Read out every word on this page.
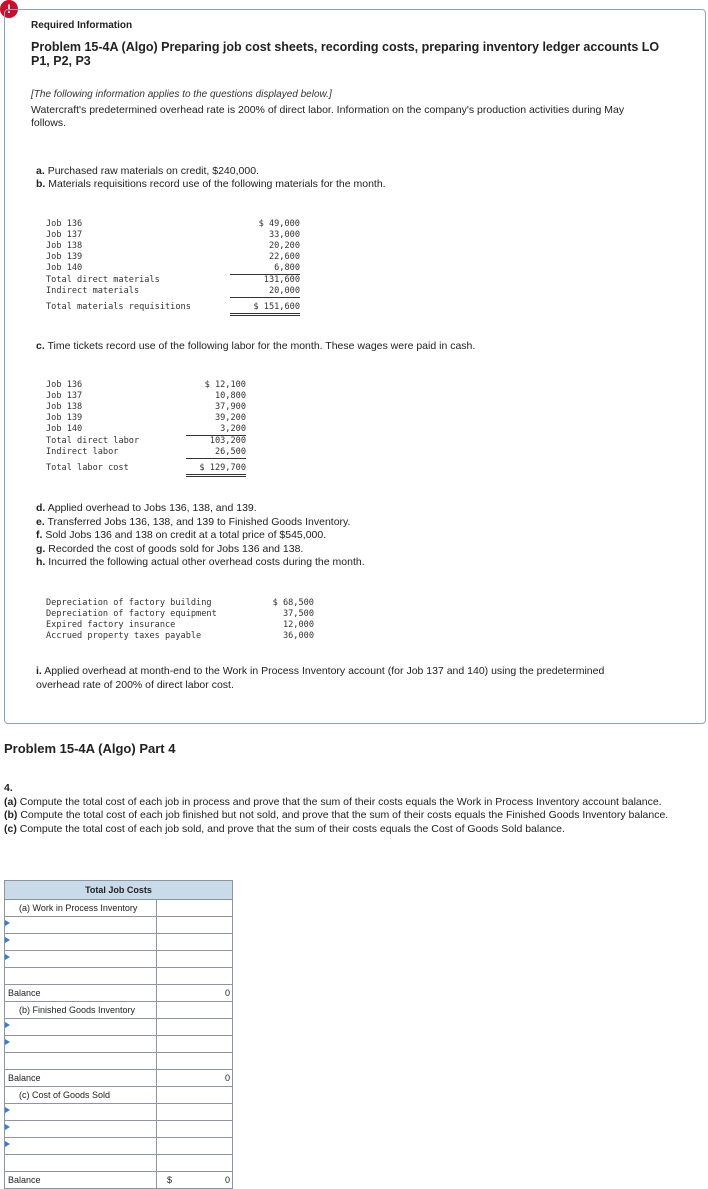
!
Required Information
Problem 15-4A (Algo) Preparing job cost sheets, recording costs, preparing inventory ledger accounts LO P1, P2, P3
[The following information applies to the questions displayed below.]
Watercraft's predetermined overhead rate is 200% of direct labor. Information on the company's production activities during May follows.
a. Purchased raw materials on credit, $240,000.
b. Materials requisitions record use of the following materials for the month.
Job 136	$ 49,000
Job 137	33,000
Job 138	20,200
Job 139	22,600
Job 140	6,800
Total direct materials	131,600
Indirect materials	20,000
Total materials requisitions	$ 151,600
c. Time tickets record use of the following labor for the month. These wages were paid in cash.
Job 136	$ 12,100
Job 137	10,800
Job 138	37,900
Job 139	39,200
Job 140	3,200
Total direct labor	103,200
Indirect labor	26,500
Total labor cost	$ 129,700
d. Applied overhead to Jobs 136, 138, and 139.
e. Transferred Jobs 136, 138, and 139 to Finished Goods Inventory.
f. Sold Jobs 136 and 138 on credit at a total price of $545,000.
g. Recorded the cost of goods sold for Jobs 136 and 138.
h. Incurred the following actual other overhead costs during the month.
Depreciation of factory building	$ 68,500
Depreciation of factory equipment	37,500
Expired factory insurance	12,000
Accrued property taxes payable	36,000
i. Applied overhead at month-end to the Work in Process Inventory account (for Job 137 and 140) using the predetermined overhead rate of 200% of direct labor cost.
Problem 15-4A (Algo) Part 4
4.
(a) Compute the total cost of each job in process and prove that the sum of their costs equals the Work in Process Inventory account balance.
(b) Compute the total cost of each job finished but not sold, and prove that the sum of their costs equals the Finished Goods Inventory balance.
(c) Compute the total cost of each job sold, and prove that the sum of their costs equals the Cost of Goods Sold balance.
Total Job Costs	
(a) Work in Process Inventory	

Balance	0
(b) Finished Goods Inventory	

Balance	0
(c) Cost of Goods Sold	

Balance	$ 0
